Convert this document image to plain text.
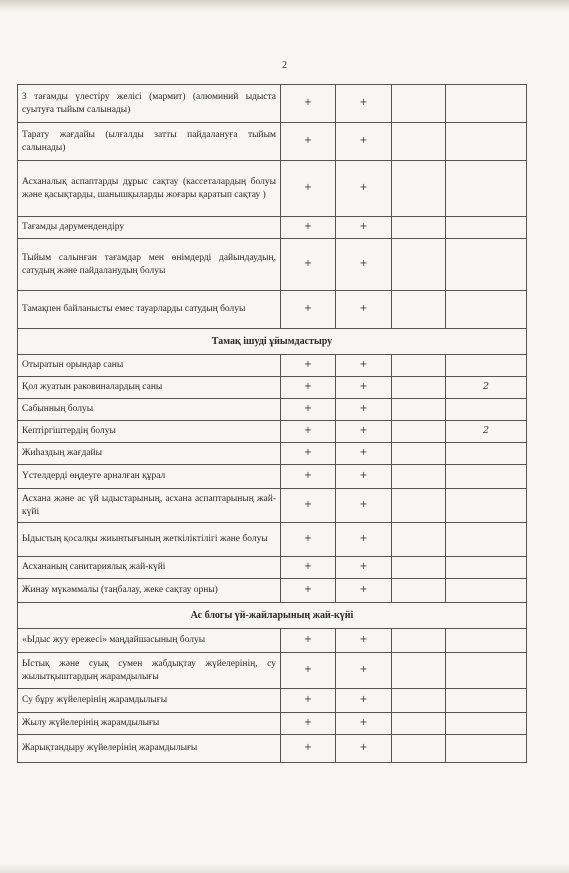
2
3 тағамды үлестіру желісі (мармит) (алюминий ыдыста суытуға тыйым салынады)	+	+		
Тарату жағдайы (ылғалды затты пайдалануға тыйым салынады)	+	+		
Асханалық аспаптарды дұрыс сақтау (кассеталардың болуы және қасықтарды, шанышқыларды жоғары қаратып сақтау )	+	+		
Тағамды дәрумендендіру	+	+		
Тыйым салынған тағамдар мен өнімдерді дайындаудың, сатудың және пайдаланудың болуы	+	+		
Тамақпен байланысты емес тауарларды сатудың болуы	+	+		
Тамақ ішуді ұйымдастыру				
Отыратын орындар саны	+	+		
Қол жуатын раковиналардың саны	+	+		2
Сабынның болуы	+	+		
Кептіргіштердің болуы	+	+		2
Жиһаздың жағдайы	+	+		
Үстелдерді өңдеуге арналған құрал	+	+		
Асхана және ас үй ыдыстарының, асхана аспаптарының жай-күйі	+	+		
Ыдыстың қосалқы жиынтығының жеткіліктілігі және болуы	+	+		
Асхананың санитариялық жай-күйі	+	+		
Жинау мүкәммалы (таңбалау, жеке сақтау орны)	+	+		
Ас блогы үй-жайларының жай-күйі				
«Ыдыс жуу ережесі» маңдайшасының болуы	+	+		
Ыстық және суық сумен жабдықтау жүйелерінің, су жылытқыштардың жарамдылығы	+	+		
Су бұру жүйелерінің жарамдылығы	+	+		
Жылу жүйелерінің жарамдылығы	+	+		
Жарықтандыру жүйелерінің жарамдылығы	+	+		
